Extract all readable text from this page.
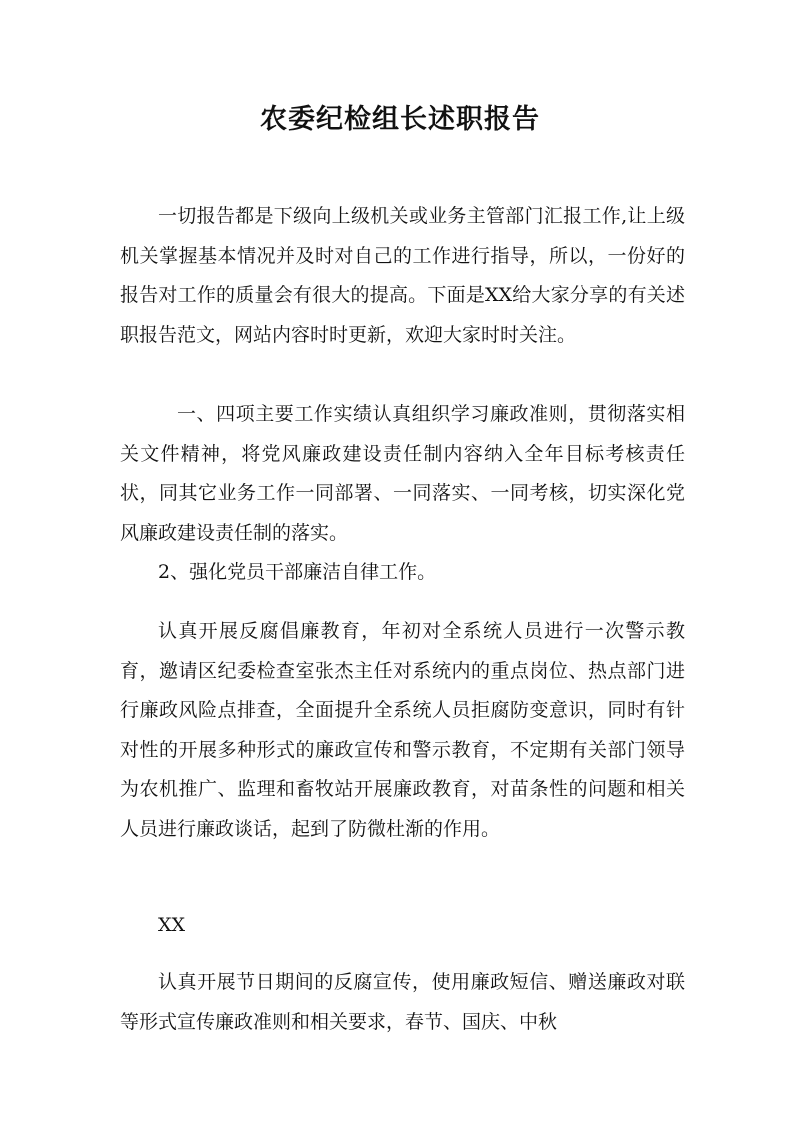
农委纪检组长述职报告

一切报告都是下级向上级机关或业务主管部门汇报工作,让上级机关掌握基本情况并及时对自己的工作进行指导，所以，一份好的报告对工作的质量会有很大的提高。下面是XX给大家分享的有关述职报告范文，网站内容时时更新，欢迎大家时时关注。

一、四项主要工作实绩认真组织学习廉政准则，贯彻落实相关文件精神，将党风廉政建设责任制内容纳入全年目标考核责任状，同其它业务工作一同部署、一同落实、一同考核，切实深化党风廉政建设责任制的落实。

2、强化党员干部廉洁自律工作。

认真开展反腐倡廉教育，年初对全系统人员进行一次警示教育，邀请区纪委检查室张杰主任对系统内的重点岗位、热点部门进行廉政风险点排查，全面提升全系统人员拒腐防变意识，同时有针对性的开展多种形式的廉政宣传和警示教育，不定期有关部门领导为农机推广、监理和畜牧站开展廉政教育，对苗条性的问题和相关人员进行廉政谈话，起到了防微杜渐的作用。

XX

认真开展节日期间的反腐宣传，使用廉政短信、赠送廉政对联等形式宣传廉政准则和相关要求，春节、国庆、中秋
